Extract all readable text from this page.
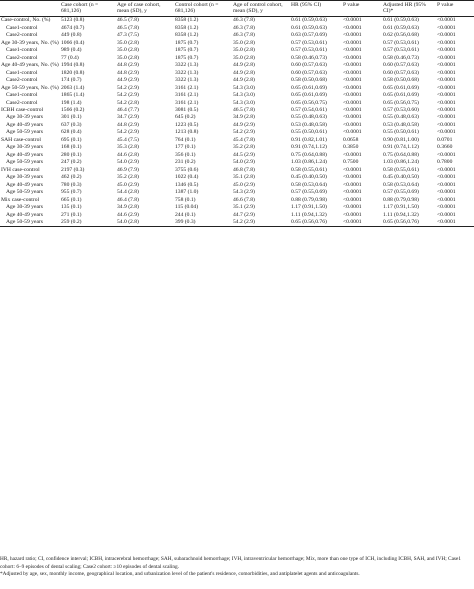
	Case cohort (n = 681,126)	Age of case cohort, mean (SD), y	Control cohort (n = 681,126)	Age of control cohort, mean (SD), y	HR (95% CI)	P value	Adjusted HR (95% CI)*	P value
Case-control, No. (%)	5123 (0.8)	46.5 (7.8)	8358 (1.2)	46.3 (7.8)	0.61 (0.59,0.63)	<0.0001	0.61 (0.59,0.63)	<0.0001
Case1-control	4674 (0.7)	46.5 (7.8)	8358 (1.2)	46.3 (7.8)	0.61 (0.59,0.63)	<0.0001	0.61 (0.59,0.63)	<0.0001
Case2-control	449 (0.8)	47.3 (7.5)	8358 (1.2)	46.3 (7.8)	0.63 (0.57,0.69)	<0.0001	0.62 (0.56,0.68)	<0.0001
Age 30-39 years, No. (%)	1066 (0.4)	35.0 (2.8)	1875 (0.7)	35.0 (2.8)	0.57 (0.53,0.61)	<0.0001	0.57 (0.53,0.61)	<0.0001
Case1-control	989 (0.4)	35.0 (2.8)	1875 (0.7)	35.0 (2.8)	0.57 (0.53,0.61)	<0.0001	0.57 (0.53,0.61)	<0.0001
Case2-control	77 (0.4)	35.0 (2.8)	1875 (0.7)	35.0 (2.8)	0.58 (0.46,0.73)	<0.0001	0.58 (0.46,0.73)	<0.0001
Age 40-49 years, No. (%)	1994 (0.8)	44.8 (2.9)	3322 (1.3)	44.9 (2.8)	0.60 (0.57,0.63)	<0.0001	0.60 (0.57,0.63)	<0.0001
Case1-control	1820 (0.8)	44.8 (2.9)	3322 (1.3)	44.9 (2.8)	0.60 (0.57,0.63)	<0.0001	0.60 (0.57,0.63)	<0.0001
Case2-control	174 (0.7)	44.9 (2.9)	3322 (1.3)	44.9 (2.8)	0.58 (0.50,0.68)	<0.0001	0.58 (0.50,0.68)	<0.0001
Age 50-59 years, No. (%)	2063 (1.4)	54.2 (2.9)	3161 (2.1)	54.3 (3.0)	0.65 (0.61,0.69)	<0.0001	0.65 (0.61,0.69)	<0.0001
Case1-control	1865 (1.4)	54.2 (2.9)	3161 (2.1)	54.3 (3.0)	0.65 (0.61,0.69)	<0.0001	0.65 (0.61,0.69)	<0.0001
Case2-control	198 (1.4)	54.2 (2.8)	3161 (2.1)	54.3 (3.0)	0.65 (0.56,0.75)	<0.0001	0.65 (0.56,0.75)	<0.0001
ICBH case-control	1566 (0.2)	46.4 (7.7)	3081 (0.5)	46.5 (7.8)	0.57 (0.54,0.61)	<0.0001	0.57 (0.53,0.60)	<0.0001
Age 30-39 years	301 (0.1)	34.7 (2.9)	645 (0.2)	34.9 (2.8)	0.55 (0.48,0.63)	<0.0001	0.55 (0.48,0.63)	<0.0001
Age 40-49 years	637 (0.3)	44.8 (2.9)	1223 (0.5)	44.9 (2.9)	0.53 (0.48,0.58)	<0.0001	0.53 (0.48,0.58)	<0.0001
Age 50-59 years	628 (0.4)	54.2 (2.9)	1213 (0.8)	54.2 (2.9)	0.55 (0.50,0.61)	<0.0001	0.55 (0.50,0.61)	<0.0001
SAH case-control	695 (0.1)	45.4 (7.5)	764 (0.1)	45.4 (7.8)	0.91 (0.82,1.01)	0.0658	0.90 (0.81,1.00)	0.0701
Age 30-39 years	168 (0.1)	35.3 (2.8)	177 (0.1)	35.2 (2.8)	0.91 (0.74,1.12)	0.3850	0.91 (0.74,1.12)	0.3660
Age 40-49 years	280 (0.1)	44.6 (2.8)	356 (0.1)	44.5 (2.9)	0.75 (0.64,0.88)	<0.0001	0.75 (0.64,0.88)	<0.0001
Age 50-59 years	247 (0.2)	54.0 (2.9)	231 (0.2)	54.0 (2.9)	1.03 (0.86,1.24)	0.7500	1.03 (0.86,1.24)	0.7800
IVH case-control	2197 (0.3)	46.9 (7.9)	3755 (0.6)	46.8 (7.8)	0.58 (0.55,0.61)	<0.0001	0.58 (0.55,0.61)	<0.0001
Age 30-39 years	462 (0.2)	35.2 (2.8)	1022 (0.4)	35.1 (2.8)	0.45 (0.40,0.50)	<0.0001	0.45 (0.40,0.50)	<0.0001
Age 40-49 years	780 (0.3)	45.0 (2.9)	1346 (0.5)	45.0 (2.9)	0.58 (0.53,0.64)	<0.0001	0.58 (0.53,0.64)	<0.0001
Age 50-59 years	955 (0.7)	54.4 (2.8)	1387 (1.0)	54.3 (2.9)	0.57 (0.55,0.69)	<0.0001	0.57 (0.55,0.69)	<0.0001
Mix case-control	665 (0.1)	46.4 (7.8)	758 (0.1)	46.6 (7.8)	0.88 (0.79,0.98)	<0.0001	0.88 (0.79,0.98)	<0.0001
Age 30-39 years	135 (0.1)	34.9 (2.8)	115 (0.04)	35.1 (2.9)	1.17 (0.91,1.50)	<0.0001	1.17 (0.91,1.50)	<0.0001
Age 40-49 years	271 (0.1)	44.6 (2.9)	244 (0.1)	44.7 (2.9)	1.11 (0.94,1.32)	<0.0001	1.11 (0.94,1.32)	<0.0001
Age 50-59 years	259 (0.2)	54.0 (2.8)	399 (0.3)	54.2 (2.9)	0.65 (0.56,0.76)	<0.0001	0.65 (0.56,0.76)	<0.0001

HR, hazard ratio; CI, confidence interval; ICBH, intracerebral hemorrhage; SAH, subarachnoid hemorrhage; IVH, intraventricular hemorrhage; Mix, more than one type of ICH, including ICBH, SAH, and IVH; Case1 cohort: 6–9 episodes of dental scaling; Case2 cohort: ≥10 episodes of dental scaling.

*Adjusted by age, sex, monthly income, geographical location, and urbanization level of the patient's residence, comorbidities, and antiplatelet agents and anticoagulants.
